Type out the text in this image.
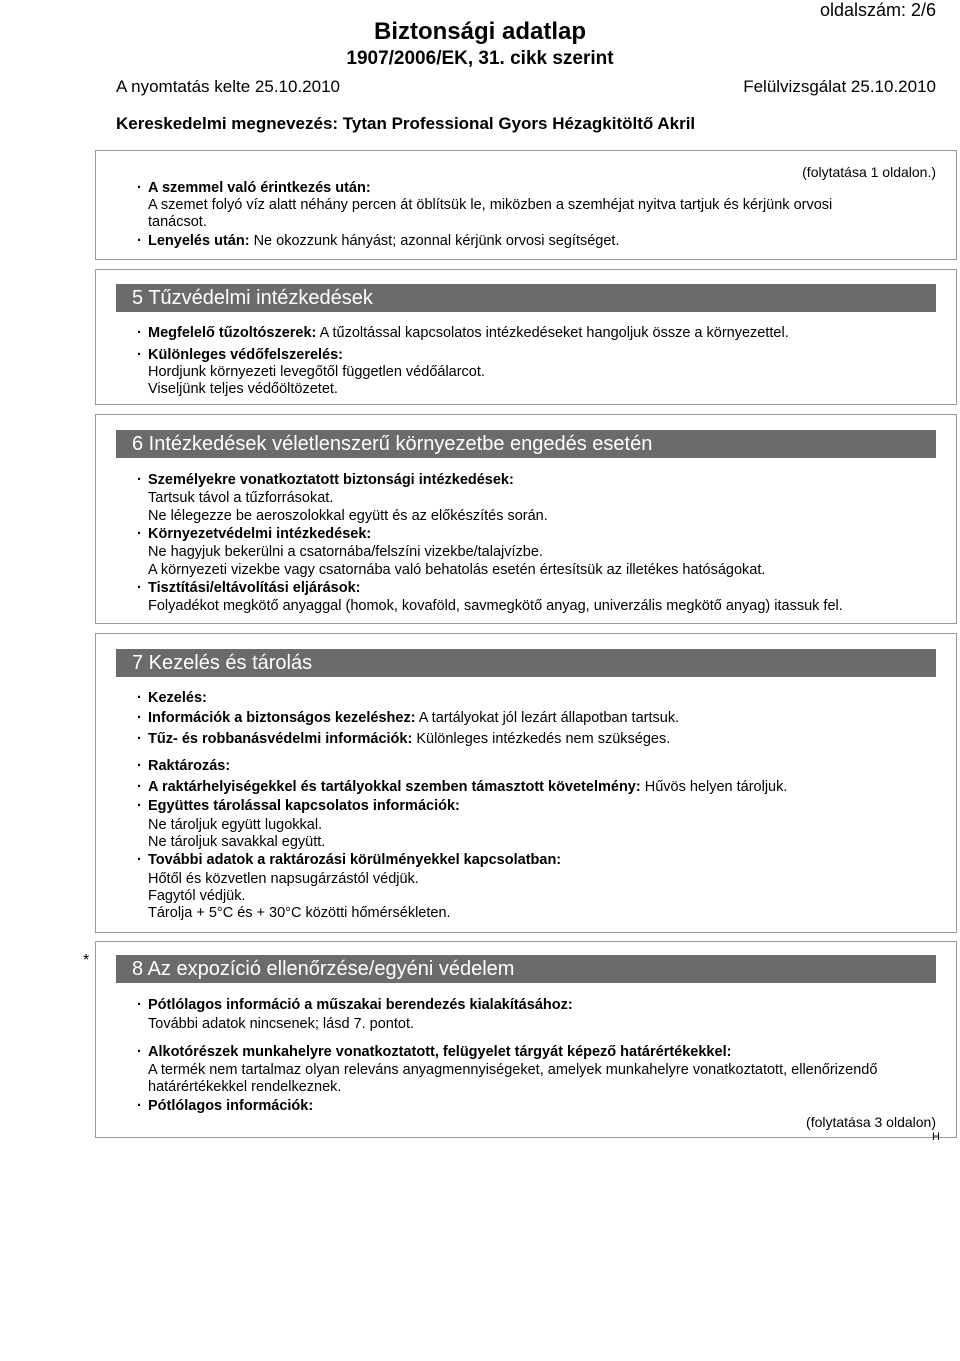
oldalszám: 2/6
Biztonsági adatlap
1907/2006/EK, 31. cikk szerint
A nyomtatás kelte 25.10.2010	Felülvizsgálat 25.10.2010
Kereskedelmi megnevezés: Tytan Professional Gyors Hézagkitöltő Akril
(folytatása 1 oldalon.)
· A szemmel való érintkezés után:
A szemet folyó víz alatt néhány percen át öblítsük le, miközben a szemhéjat nyitva tartjuk és kérjünk orvosi
tanácsot.
· Lenyelés után: Ne okozzunk hányást; azonnal kérjünk orvosi segítséget.
5 Tűzvédelmi intézkedések
· Megfelelő tűzoltószerek: A tűzoltással kapcsolatos intézkedéseket hangoljuk össze a környezettel.
· Különleges védőfelszerelés:
Hordjunk környezeti levegőtől független védőálarcot.
Viseljünk teljes védőöltözetet.
6 Intézkedések véletlenszerű környezetbe engedés esetén
· Személyekre vonatkoztatott biztonsági intézkedések:
Tartsuk távol a tűzforrásokat.
Ne lélegezze be aeroszolokkal együtt és az előkészítés során.
· Környezetvédelmi intézkedések:
Ne hagyjuk bekerülni a csatornába/felszíni vizekbe/talajvízbe.
A környezeti vizekbe vagy csatornába való behatolás esetén értesítsük az illetékes hatóságokat.
· Tisztítási/eltávolítási eljárások:
Folyadékot megkötő anyaggal (homok, kovaföld, savmegkötő anyag, univerzális megkötő anyag) itassuk fel.
7 Kezelés és tárolás
· Kezelés:
· Információk a biztonságos kezeléshez: A tartályokat jól lezárt állapotban tartsuk.
· Tűz- és robbanásvédelmi információk: Különleges intézkedés nem szükséges.
· Raktározás:
· A raktárhelyiségekkel és tartályokkal szemben támasztott követelmény: Hűvös helyen tároljuk.
· Együttes tárolással kapcsolatos információk:
Ne tároljuk együtt lugokkal.
Ne tároljuk savakkal együtt.
· További adatok a raktározási körülményekkel kapcsolatban:
Hőtől és közvetlen napsugárzástól védjük.
Fagytól védjük.
Tárolja + 5°C és + 30°C közötti hőmérsékleten.
*	8 Az expozíció ellenőrzése/egyéni védelem
· Pótlólagos információ a műszakai berendezés kialakításához:
További adatok nincsenek; lásd 7. pontot.
· Alkotórészek munkahelyre vonatkoztatott, felügyelet tárgyát képező határértékekkel:
A termék nem tartalmaz olyan releváns anyagmennyiségeket, amelyek munkahelyre vonatkoztatott, ellenőrizendő
határértékekkel rendelkeznek.
· Pótlólagos információk:
(folytatása 3 oldalon)
H
